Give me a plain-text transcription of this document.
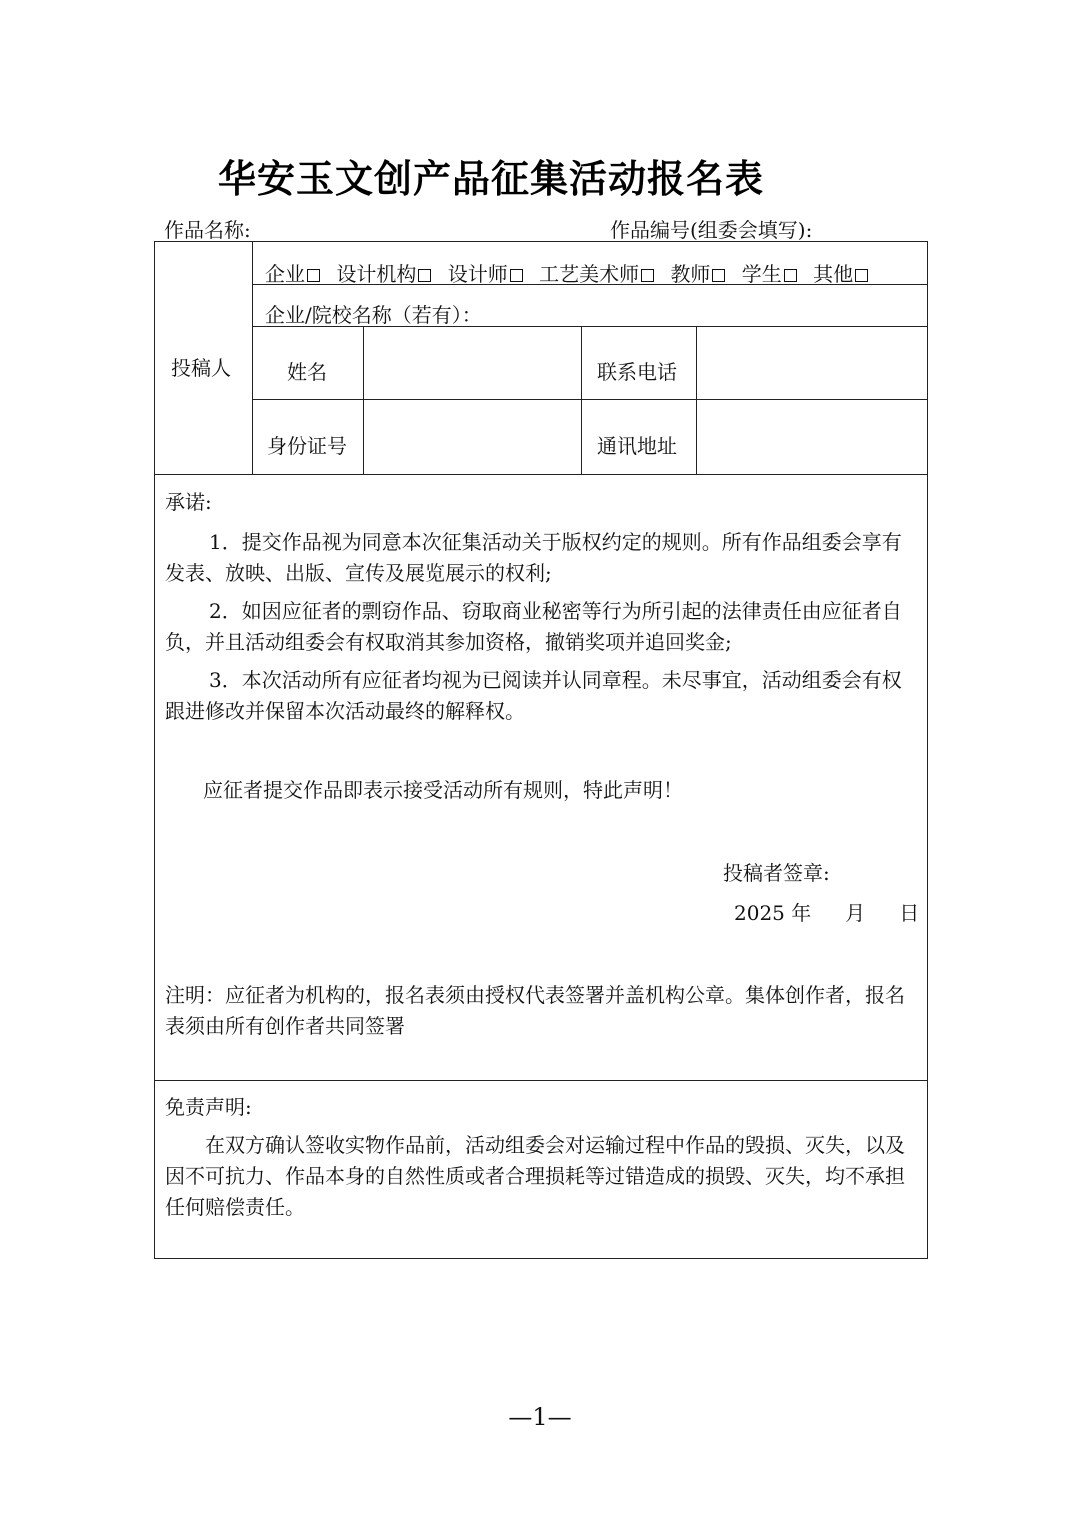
华安玉文创产品征集活动报名表
作品名称:	作品编号(组委会填写):
投稿人
企业 设计机构 设计师 工艺美术师 教师 学生 其他
企业/院校名称（若有）：
姓名	联系电话
身份证号	通讯地址
承诺:
1．提交作品视为同意本次征集活动关于版权约定的规则。所有作品组委会享有发表、放映、出版、宣传及展览展示的权利;
2．如因应征者的剽窃作品、窃取商业秘密等行为所引起的法律责任由应征者自负，并且活动组委会有权取消其参加资格，撤销奖项并追回奖金;
3．本次活动所有应征者均视为已阅读并认同章程。未尽事宜，活动组委会有权跟进修改并保留本次活动最终的解释权。
应征者提交作品即表示接受活动所有规则，特此声明！
投稿者签章:
2025 年 月 日
注明：应征者为机构的，报名表须由授权代表签署并盖机构公章。集体创作者，报名表须由所有创作者共同签署
免责声明:
在双方确认签收实物作品前，活动组委会对运输过程中作品的毁损、灭失，以及因不可抗力、作品本身的自然性质或者合理损耗等过错造成的损毁、灭失，均不承担任何赔偿责任。
—1—
